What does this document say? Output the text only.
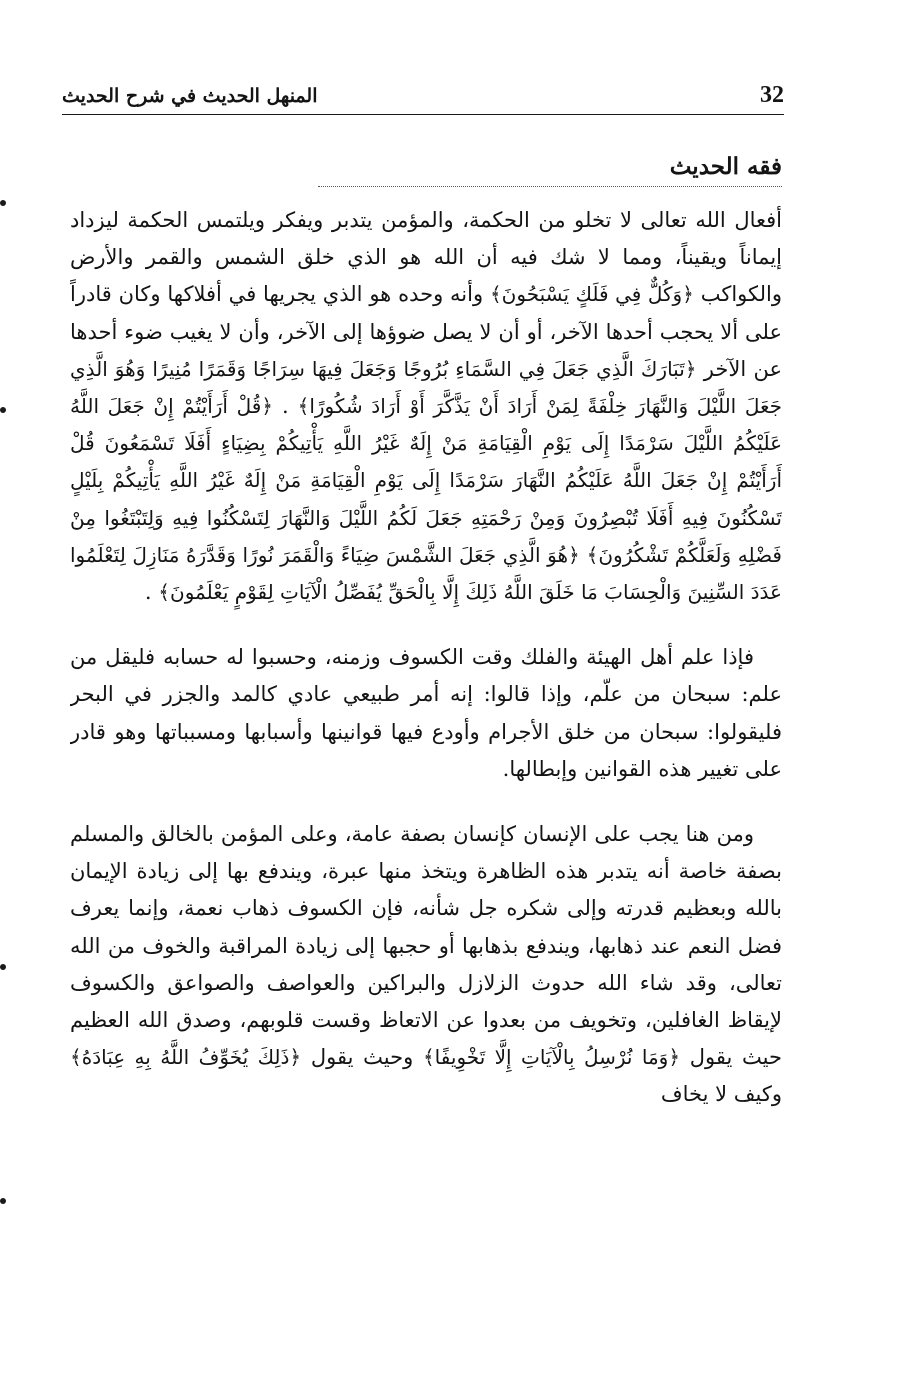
32
المنهل الحديث في شرح الحديث
فقه الحديث

أفعال الله تعالى لا تخلو من الحكمة، والمؤمن يتدبر ويفكر ويلتمس الحكمة ليزداد إيماناً ويقيناً، ومما لا شك فيه أن الله هو الذي خلق الشمس والقمر والأرض والكواكب ﴿وَكُلٌّ فِي فَلَكٍ يَسْبَحُونَ﴾ وأنه وحده هو الذي يجريها في أفلاكها وكان قادراً على ألا يحجب أحدها الآخر، أو أن لا يصل ضوؤها إلى الآخر، وأن لا يغيب ضوء أحدها عن الآخر ﴿تَبَارَكَ الَّذِي جَعَلَ فِي السَّمَاءِ بُرُوجًا وَجَعَلَ فِيهَا سِرَاجًا وَقَمَرًا مُنِيرًا وَهُوَ الَّذِي جَعَلَ اللَّيْلَ وَالنَّهَارَ خِلْفَةً لِمَنْ أَرَادَ أَنْ يَذَّكَّرَ أَوْ أَرَادَ شُكُورًا﴾ . ﴿قُلْ أَرَأَيْتُمْ إِنْ جَعَلَ اللَّهُ عَلَيْكُمُ اللَّيْلَ سَرْمَدًا إِلَى يَوْمِ الْقِيَامَةِ مَنْ إِلَهٌ غَيْرُ اللَّهِ يَأْتِيكُمْ بِضِيَاءٍ أَفَلَا تَسْمَعُونَ قُلْ أَرَأَيْتُمْ إِنْ جَعَلَ اللَّهُ عَلَيْكُمُ النَّهَارَ سَرْمَدًا إِلَى يَوْمِ الْقِيَامَةِ مَنْ إِلَهٌ غَيْرُ اللَّهِ يَأْتِيكُمْ بِلَيْلٍ تَسْكُنُونَ فِيهِ أَفَلَا تُبْصِرُونَ وَمِنْ رَحْمَتِهِ جَعَلَ لَكُمُ اللَّيْلَ وَالنَّهَارَ لِتَسْكُنُوا فِيهِ وَلِتَبْتَغُوا مِنْ فَضْلِهِ وَلَعَلَّكُمْ تَشْكُرُونَ﴾ ﴿هُوَ الَّذِي جَعَلَ الشَّمْسَ ضِيَاءً وَالْقَمَرَ نُورًا وَقَدَّرَهُ مَنَازِلَ لِتَعْلَمُوا عَدَدَ السِّنِينَ وَالْحِسَابَ مَا خَلَقَ اللَّهُ ذَلِكَ إِلَّا بِالْحَقِّ يُفَصِّلُ الْآيَاتِ لِقَوْمٍ يَعْلَمُونَ﴾ .

فإذا علم أهل الهيئة والفلك وقت الكسوف وزمنه، وحسبوا له حسابه فليقل من علم: سبحان من علّم، وإذا قالوا: إنه أمر طبيعي عادي كالمد والجزر في البحر فليقولوا: سبحان من خلق الأجرام وأودع فيها قوانينها وأسبابها ومسبباتها وهو قادر على تغيير هذه القوانين وإبطالها.

ومن هنا يجب على الإنسان كإنسان بصفة عامة، وعلى المؤمن بالخالق والمسلم بصفة خاصة أنه يتدبر هذه الظاهرة ويتخذ منها عبرة، ويندفع بها إلى زيادة الإيمان بالله وبعظيم قدرته وإلى شكره جل شأنه، فإن الكسوف ذهاب نعمة، وإنما يعرف فضل النعم عند ذهابها، ويندفع بذهابها أو حجبها إلى زيادة المراقبة والخوف من الله تعالى، وقد شاء الله حدوث الزلازل والبراكين والعواصف والصواعق والكسوف لإيقاظ الغافلين، وتخويف من بعدوا عن الاتعاظ وقست قلوبهم، وصدق الله العظيم حيث يقول ﴿وَمَا نُرْسِلُ بِالْآيَاتِ إِلَّا تَخْوِيفًا﴾ وحيث يقول ﴿ذَلِكَ يُخَوِّفُ اللَّهُ بِهِ عِبَادَهُ﴾ وكيف لا يخاف
